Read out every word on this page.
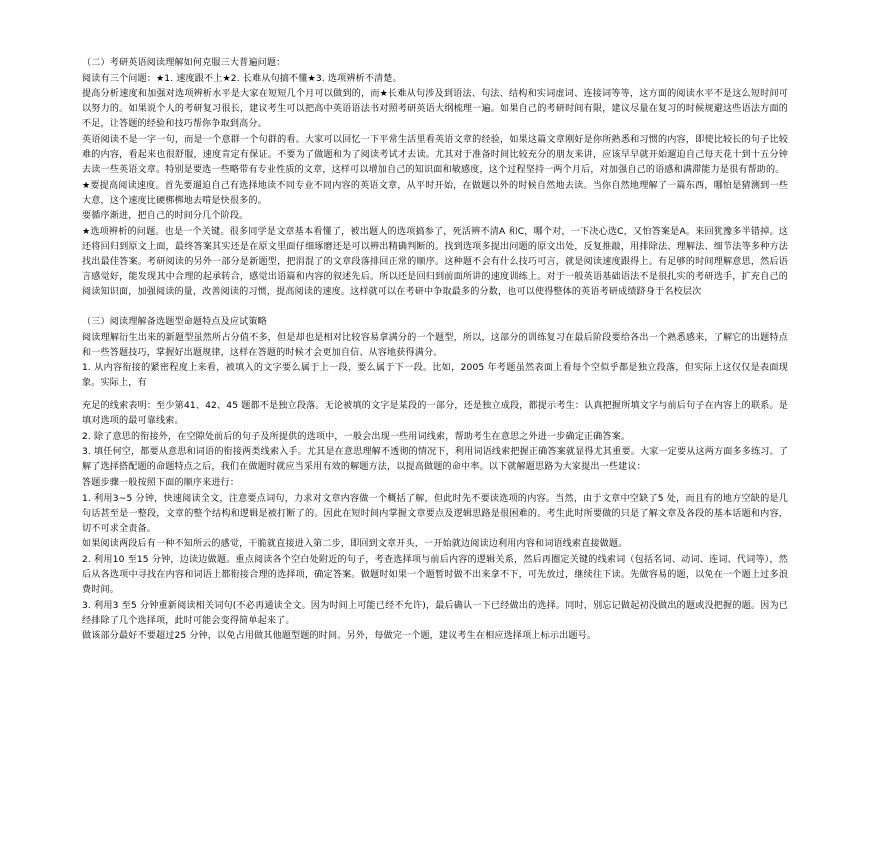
（二）考研英语阅读理解如何克服三大普遍问题：

阅读有三个问题：★1. 速度跟不上★2. 长难从句搞不懂★3. 选项辨析不清楚。

提高分析速度和加强对选项辨析水平是大家在短短几个月可以做到的，而★长难从句涉及到语法、句法、结构和实词虚词、连接词等等，这方面的阅读水平不是这么短时间可以努力的。如果说个人的考研复习很长，建议考生可以把高中英语语法书对照考研英语大纲梳理一遍。如果自己的考研时间有限，建议尽量在复习的时候规避这些语法方面的不足，让答题的经验和技巧帮你争取到高分。

英语阅读不是一字一句，而是一个意群一个句群的看。大家可以回忆一下平常生活里看英语文章的经验，如果这篇文章刚好是你所熟悉和习惯的内容，即使比较长的句子比较难的内容，看起来也很舒服，速度肯定有保证。不要为了做题和为了阅读考试才去读。尤其对于准备时间比较充分的朋友来讲，应该早早就开始遛迫自己每天花十到十五分钟去读一些英语文章。特别是要选一些略带有专业性质的文章，这样可以增加自己的知识面和敏感度，这个过程坚持一两个月后，对加强自己的语感和满滞能力是很有帮助的。

★要提高阅读速度。首先要遛迫自己有选择地读不同专业不同内容的英语文章，从平时开始，在做题以外的时候自然地去读。当你自然地理解了一篇东西，哪怕是猜测到一些大意，这个速度比硬梆梆地去啃是快很多的。

要循序渐进，把自己的时间分几个阶段。

★选项辨析的问题。也是一个关键。很多同学是文章基本看懂了，被出题人的选项搞参了，死活辨不清A 和C，哪个对，一下决心选C，又怕答案是A。来回犹豫多半错掉。这还将回归到原文上面，最终答案其实还是在原文里面仔细琢磨还是可以辨出精确判断的。找到选项多提出问题的原文出处，反复推敲，用排除法、理解法、细节法等多种方法找出最佳答案。考研阅读的另外一部分是新题型，把涓混了的文章段落排回正常的顺序。这种题不会有什么技巧可言，就是阅读速度跟得上。有足够的时间理解意思，然后语言感觉好，能发现其中合理的起承转合，感觉出语篇和内容的叙述先后。所以还是回归到前面所讲的速度训练上。对于一般英语基础语法不是很扎实的考研选手，扩充自己的阅读知识面，加强阅读的量，改善阅读的习惯，提高阅读的速度。这样就可以在考研中争取最多的分数，也可以使得整体的英语考研成绩跻身于名校层次

（三）阅读理解备选题型命题特点及应试策略

阅读理解衍生出来的新题型虽然所占分值不多，但是却也是相对比较容易拿满分的一个题型，所以，这部分的训练复习在最后阶段要给各出一个熟悉感来，了解它的出题特点和一些答题技巧，掌握好出题规律，这样在答题的时候才会更加自信、从容地获得满分。

1. 从内容衔接的紧密程度上来看，被填入的文字要么属于上一段，要么属于下一段。比如，2005 年考题虽然表面上看每个空似乎都是独立段落，但实际上这仅仅是表面现象。实际上，有

充足的线索表明：至少第41、42、45 题都不是独立段落。无论被填的文字是某段的一部分，还是独立成段，都提示考生：认真把握所填文字与前后句子在内容上的联系。是填对选项的最可靠线索。

2. 除了意思的衔接外，在空隙处前后的句子及所提供的选项中，一般会出现一些用词线索，帮助考生在意思之外进一步确定正确答案。

3. 填任何空，都要从意思和词语的衔接两类线索入手。尤其是在意思理解不透彻的情况下，利用词语线索把握正确答案就显得尤其重要。大家一定要从这两方面多多练习。了解了选择搭配题的命题特点之后，我们在做题时就应当采用有效的解题方法，以提高做题的命中率。以下就解题思路为大家提出一些建议：

答题步骤一般按照下面的顺序来进行：

1. 利用3~5 分钟，快速阅读全文，注意要点词句，力求对文章内容做一个概括了解，但此时先不要读选项的内容。当然，由于文章中空缺了5 处，而且有的地方空缺的是几句话甚至是一整段，文章的整个结构和逻辑是被打断了的。因此在短时间内掌握文章要点及逻辑思路是很困难的。考生此时所要做的只是了解文章及各段的基本话题和内容，切不可求全责备。

如果阅读两段后有一种不知所云的感觉，干脆就直接进入第二步，即回到文章开头，一开始就边阅读边利用内容和词语线索直接做题。

2. 利用10 至15 分钟，边读边做题。重点阅读各个空白处附近的句子，考查选择项与前后内容的逻辑关系，然后再圈定关键的线索词（包括名词、动词、连词、代词等），然后从各选项中寻找在内容和词语上都衔接合理的选择项，确定答案。做题时如果一个题暂时做不出来拿不下，可先放过，继续往下读。先做容易的题，以免在一个题上过多浪费时间。

3. 利用3 至5 分钟重新阅读相关词句(不必再通读全文。因为时间上可能已经不允许)，最后确认一下已经做出的选择。同时，别忘记做起初没做出的题或没把握的题。因为已经排除了几个选择项，此时可能会变得简单起来了。

做该部分最好不要超过25 分钟，以免占用做其他题型题的时间。另外，每做完一个题，建议考生在相应选择项上标示出题号。
